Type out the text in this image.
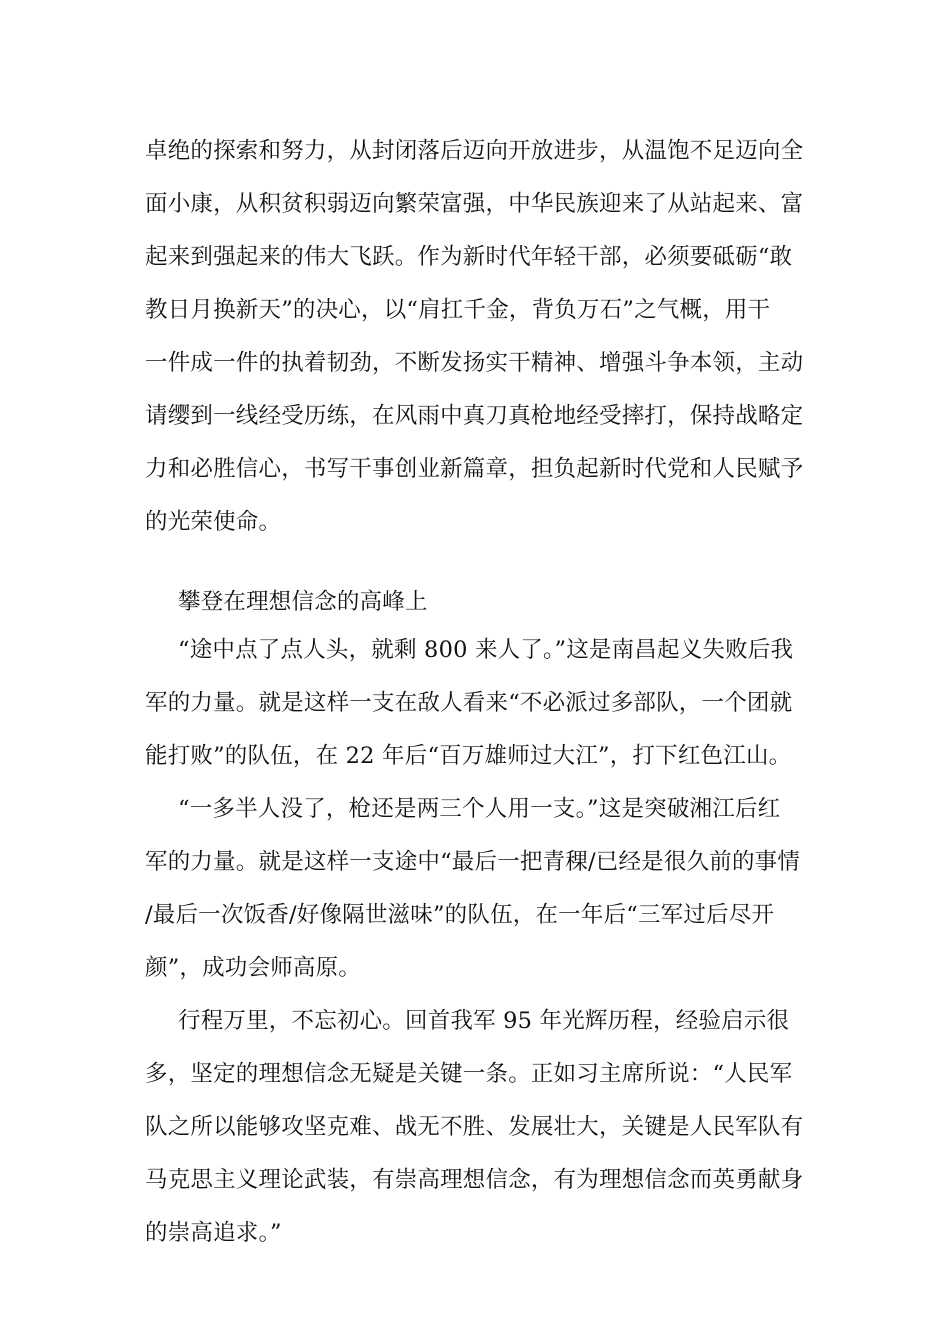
卓绝的探索和努力，从封闭落后迈向开放进步，从温饱不足迈向全
面小康，从积贫积弱迈向繁荣富强，中华民族迎来了从站起来、富
起来到强起来的伟大飞跃。作为新时代年轻干部，必须要砥砺“敢
教日月换新天”的决心，以“肩扛千金，背负万石”之气概，用干
一件成一件的执着韧劲，不断发扬实干精神、增强斗争本领，主动
请缨到一线经受历练，在风雨中真刀真枪地经受摔打，保持战略定
力和必胜信心，书写干事创业新篇章，担负起新时代党和人民赋予
的光荣使命。
攀登在理想信念的高峰上
“途中点了点人头，就剩 800 来人了。”这是南昌起义失败后我
军的力量。就是这样一支在敌人看来“不必派过多部队，一个团就
能打败”的队伍，在 22 年后“百万雄师过大江”，打下红色江山。
“一多半人没了，枪还是两三个人用一支。”这是突破湘江后红
军的力量。就是这样一支途中“最后一把青稞/已经是很久前的事情
/最后一次饭香/好像隔世滋味”的队伍，在一年后“三军过后尽开
颜”，成功会师高原。
行程万里，不忘初心。回首我军 95 年光辉历程，经验启示很
多，坚定的理想信念无疑是关键一条。正如习主席所说：“人民军
队之所以能够攻坚克难、战无不胜、发展壮大，关键是人民军队有
马克思主义理论武装，有崇高理想信念，有为理想信念而英勇献身
的崇高追求。”
